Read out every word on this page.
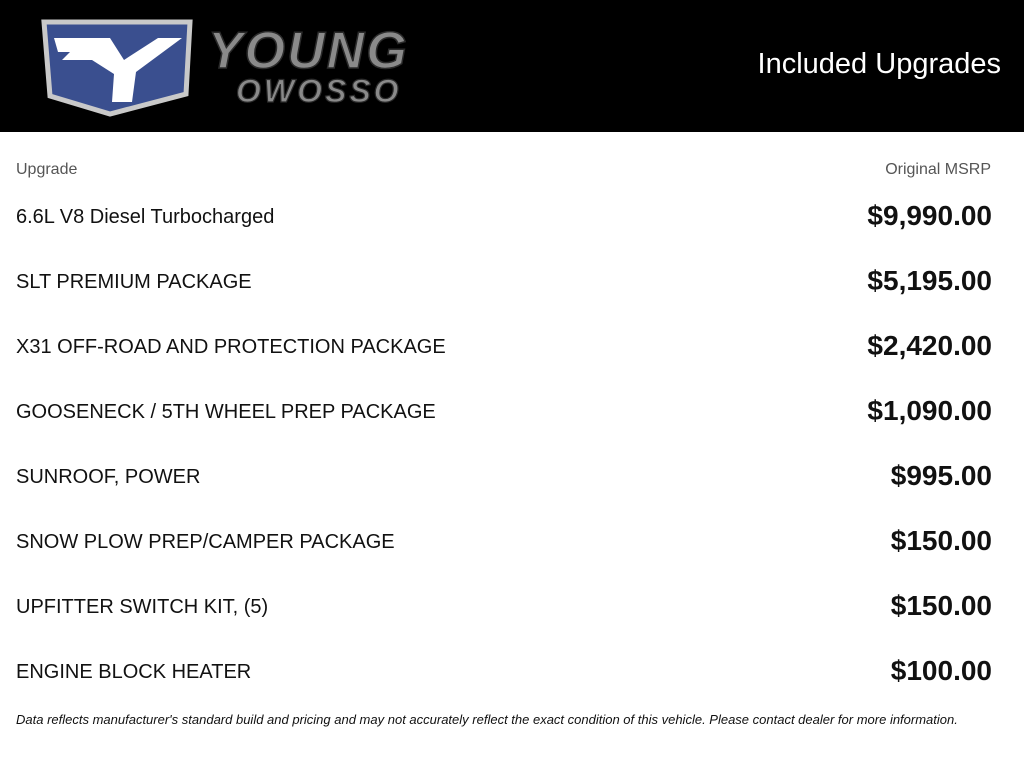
YOUNG
OWOSSO
Included Upgrades
Upgrade	Original MSRP
6.6L V8 Diesel Turbocharged	$9,990.00
SLT PREMIUM PACKAGE	$5,195.00
X31 OFF-ROAD AND PROTECTION PACKAGE	$2,420.00
GOOSENECK / 5TH WHEEL PREP PACKAGE	$1,090.00
SUNROOF, POWER	$995.00
SNOW PLOW PREP/CAMPER PACKAGE	$150.00
UPFITTER SWITCH KIT, (5)	$150.00
ENGINE BLOCK HEATER	$100.00
Data reflects manufacturer's standard build and pricing and may not accurately reflect the exact condition of this vehicle. Please contact dealer for more information.
